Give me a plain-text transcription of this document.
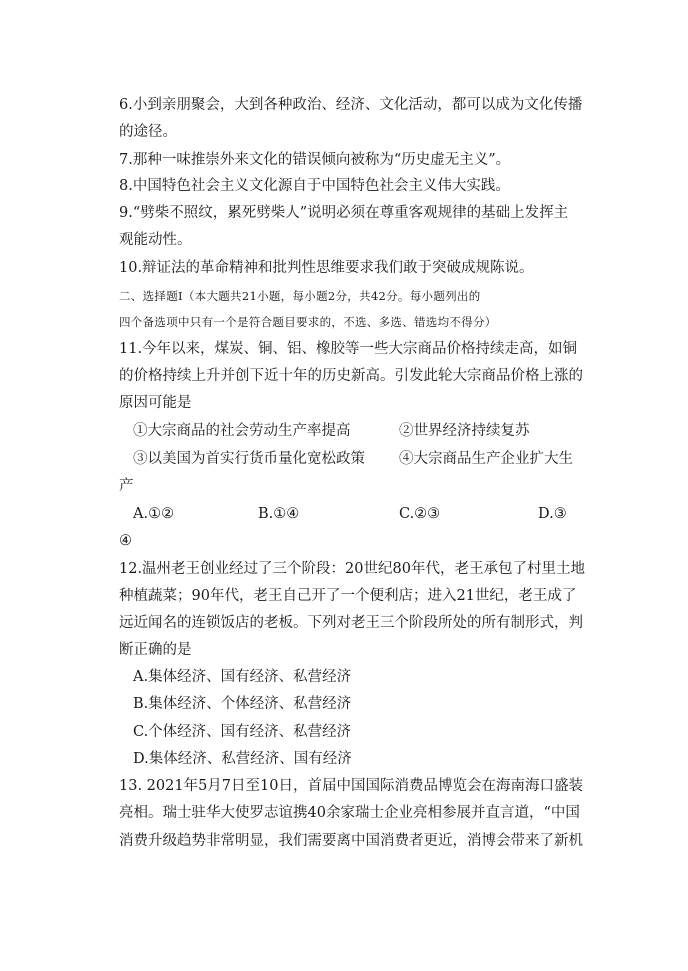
6.小到亲朋聚会，大到各种政治、经济、文化活动，都可以成为文化传播
的途径。
7.那种一味推崇外来文化的错误倾向被称为“历史虚无主义”。
8.中国特色社会主义文化源自于中国特色社会主义伟大实践。
9.“劈柴不照纹，累死劈柴人”说明必须在尊重客观规律的基础上发挥主
观能动性。
10.辩证法的革命精神和批判性思维要求我们敢于突破成规陈说。
二、选择题Ⅰ（本大题共21小题，每小题2分，共42分。每小题列出的
四个备选项中只有一个是符合题目要求的，不选、多选、错选均不得分）
11.今年以来，煤炭、铜、铝、橡胶等一些大宗商品价格持续走高，如铜
的价格持续上升并创下近十年的历史新高。引发此轮大宗商品价格上涨的
原因可能是
①大宗商品的社会劳动生产率提高	②世界经济持续复苏
③以美国为首实行货币量化宽松政策 ④大宗商品生产企业扩大生
产
A.①②	B.①④	C.②③	D.③
④
12.温州老王创业经过了三个阶段：20世纪80年代，老王承包了村里土地
种植蔬菜；90年代，老王自己开了一个便利店；进入21世纪，老王成了
远近闻名的连锁饭店的老板。下列对老王三个阶段所处的所有制形式，判
断正确的是
A.集体经济、国有经济、私营经济
B.集体经济、个体经济、私营经济
C.个体经济、国有经济、私营经济
D.集体经济、私营经济、国有经济
13. 2021年5月7日至10日，首届中国国际消费品博览会在海南海口盛装
亮相。瑞士驻华大使罗志谊携40余家瑞士企业亮相参展并直言道，“中国
消费升级趋势非常明显，我们需要离中国消费者更近，消博会带来了新机
